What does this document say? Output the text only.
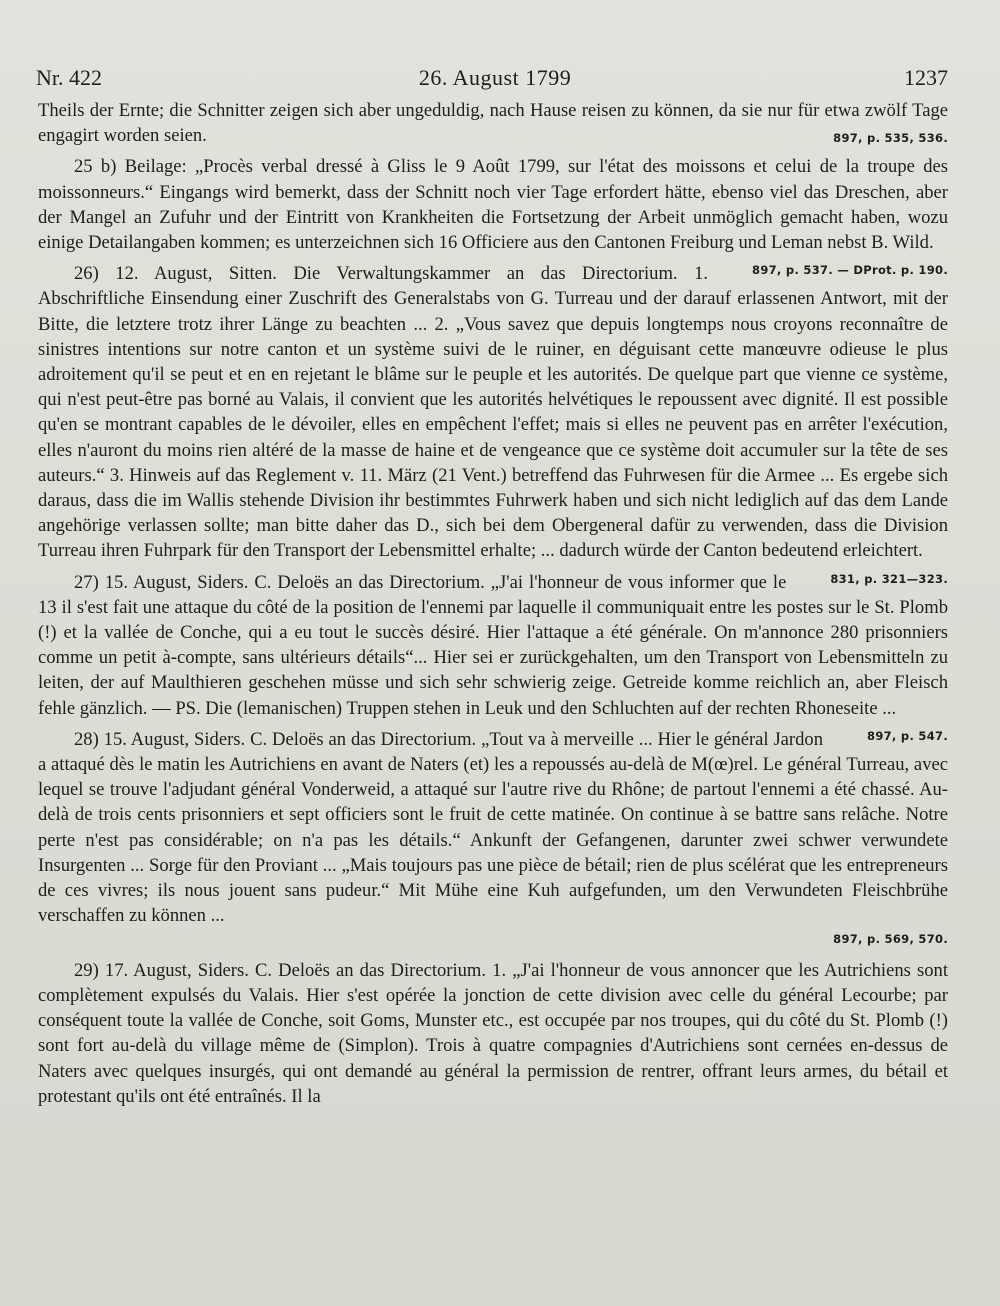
Nr. 422	26. August 1799	1237

Theils der Ernte; die Schnitter zeigen sich aber ungeduldig, nach Hause reisen zu können, da sie nur für etwa zwölf Tage engagirt worden seien.	897, p. 535, 536.

25 b) Beilage: „Procès verbal dressé à Gliss le 9 Août 1799, sur l'état des moissons et celui de la troupe des moissonneurs.“ Eingangs wird bemerkt, dass der Schnitt noch vier Tage erfordert hätte, ebenso viel das Dreschen, aber der Mangel an Zufuhr und der Eintritt von Krankheiten die Fortsetzung der Arbeit unmöglich gemacht haben, wozu einige Detailangaben kommen; es unterzeichnen sich 16 Officiere aus den Cantonen Freiburg und Leman nebst B. Wild.
897, p. 537. — DProt. p. 190.

26) 12. August, Sitten. Die Verwaltungskammer an das Directorium. 1. Abschriftliche Einsendung einer Zuschrift des Generalstabs von G. Turreau und der darauf erlassenen Antwort, mit der Bitte, die letztere trotz ihrer Länge zu beachten ... 2. „Vous savez que depuis longtemps nous croyons reconnaître de sinistres intentions sur notre canton et un système suivi de le ruiner, en déguisant cette manœuvre odieuse le plus adroitement qu'il se peut et en en rejetant le blâme sur le peuple et les autorités. De quelque part que vienne ce système, qui n'est peut-être pas borné au Valais, il convient que les autorités helvétiques le repoussent avec dignité. Il est possible qu'en se montrant capables de le dévoiler, elles en empêchent l'effet; mais si elles ne peuvent pas en arrêter l'exécution, elles n'auront du moins rien altéré de la masse de haine et de vengeance que ce système doit accumuler sur la tête de ses auteurs.“ 3. Hinweis auf das Reglement v. 11. März (21 Vent.) betreffend das Fuhrwesen für die Armee ... Es ergebe sich daraus, dass die im Wallis stehende Division ihr bestimmtes Fuhrwerk haben und sich nicht lediglich auf das dem Lande angehörige verlassen sollte; man bitte daher das D., sich bei dem Obergeneral dafür zu verwenden, dass die Division Turreau ihren Fuhrpark für den Transport der Lebensmittel erhalte; ... dadurch würde der Canton bedeutend erleichtert.
831, p. 321—323.

27) 15. August, Siders. C. Deloës an das Directorium. „J'ai l'honneur de vous informer que le 13 il s'est fait une attaque du côté de la position de l'ennemi par laquelle il communiquait entre les postes sur le St. Plomb (!) et la vallée de Conche, qui a eu tout le succès désiré. Hier l'attaque a été générale. On m'annonce 280 prisonniers comme un petit à-compte, sans ultérieurs détails“... Hier sei er zurückgehalten, um den Transport von Lebensmitteln zu leiten, der auf Maulthieren geschehen müsse und sich sehr schwierig zeige. Getreide komme reichlich an, aber Fleisch fehle gänzlich. — PS. Die (lemanischen) Truppen stehen in Leuk und den Schluchten auf der rechten Rhoneseite ...
897, p. 547.

28) 15. August, Siders. C. Deloës an das Directorium. „Tout va à merveille ... Hier le général Jardon a attaqué dès le matin les Autrichiens en avant de Naters (et) les a repoussés au-delà de M(œ)rel. Le général Turreau, avec lequel se trouve l'adjudant général Vonderweid, a attaqué sur l'autre rive du Rhône; de partout l'ennemi a été chassé. Au-delà de trois cents prisonniers et sept officiers sont le fruit de cette matinée. On continue à se battre sans relâche. Notre perte n'est pas considérable; on n'a pas les détails.“ Ankunft der Gefangenen, darunter zwei schwer verwundete Insurgenten ... Sorge für den Proviant ... „Mais toujours pas une pièce de bétail; rien de plus scélérat que les entrepreneurs de ces vivres; ils nous jouent sans pudeur.“ Mit Mühe eine Kuh aufgefunden, um den Verwundeten Fleischbrühe verschaffen zu können ...
897, p. 569, 570.

29) 17. August, Siders. C. Deloës an das Directorium. 1. „J'ai l'honneur de vous annoncer que les Autrichiens sont complètement expulsés du Valais. Hier s'est opérée la jonction de cette division avec celle du général Lecourbe; par conséquent toute la vallée de Conche, soit Goms, Munster etc., est occupée par nos troupes, qui du côté du St. Plomb (!) sont fort au-delà du village même de (Simplon). Trois à quatre compagnies d'Autrichiens sont cernées en-dessus de Naters avec quelques insurgés, qui ont demandé au général la permission de rentrer, offrant leurs armes, du bétail et protestant qu'ils ont été entraînés. Il la
